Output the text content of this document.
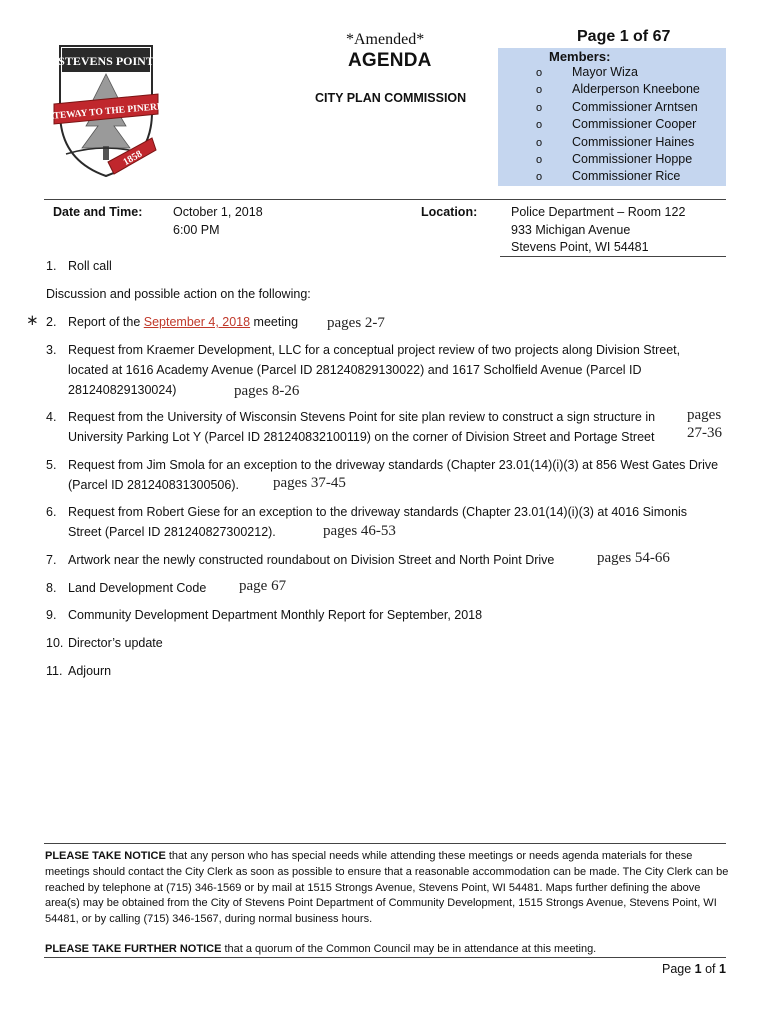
Page 1 of 67
*Amended*
AGENDA
CITY PLAN COMMISSION
STEVENS POINT
GATEWAY TO THE PINERIES
1858
Members:
o Mayor Wiza
o Alderperson Kneebone
o Commissioner Arntsen
o Commissioner Cooper
o Commissioner Haines
o Commissioner Hoppe
o Commissioner Rice
Date and Time: October 1, 2018
6:00 PM
Location:	Police Department – Room 122
933 Michigan Avenue
Stevens Point, WI 54481
1. Roll call
Discussion and possible action on the following:
∗ 2. Report of the September 4, 2018 meeting pages 2-7
3. Request from Kraemer Development, LLC for a conceptual project review of two projects along Division Street,
located at 1616 Academy Avenue (Parcel ID 281240829130022) and 1617 Scholfield Avenue (Parcel ID
281240829130024)	pages 8-26
4. Request from the University of Wisconsin Stevens Point for site plan review to construct a sign structure in
University Parking Lot Y (Parcel ID 281240832100119) on the corner of Division Street and Portage Street
pages
27-36
5. Request from Jim Smola for an exception to the driveway standards (Chapter 23.01(14)(i)(3) at 856 West Gates Drive
(Parcel ID 281240831300506). pages 37-45
6. Request from Robert Giese for an exception to the driveway standards (Chapter 23.01(14)(i)(3) at 4016 Simonis
Street (Parcel ID 281240827300212).	pages 46-53
7. Artwork near the newly constructed roundabout on Division Street and North Point Drive	pages 54-66
8. Land Development Code page 67
9. Community Development Department Monthly Report for September, 2018
10. Director’s update
11. Adjourn
PLEASE TAKE NOTICE that any person who has special needs while attending these meetings or needs agenda materials for these meetings should contact the City Clerk as soon as possible to ensure that a reasonable accommodation can be made. The City Clerk can be reached by telephone at (715) 346-1569 or by mail at 1515 Strongs Avenue, Stevens Point, WI 54481. Maps further defining the above area(s) may be obtained from the City of Stevens Point Department of Community Development, 1515 Strongs Avenue, Stevens Point, WI 54481, or by calling (715) 346-1567, during normal business hours.
PLEASE TAKE FURTHER NOTICE that a quorum of the Common Council may be in attendance at this meeting.
Page 1 of 1
